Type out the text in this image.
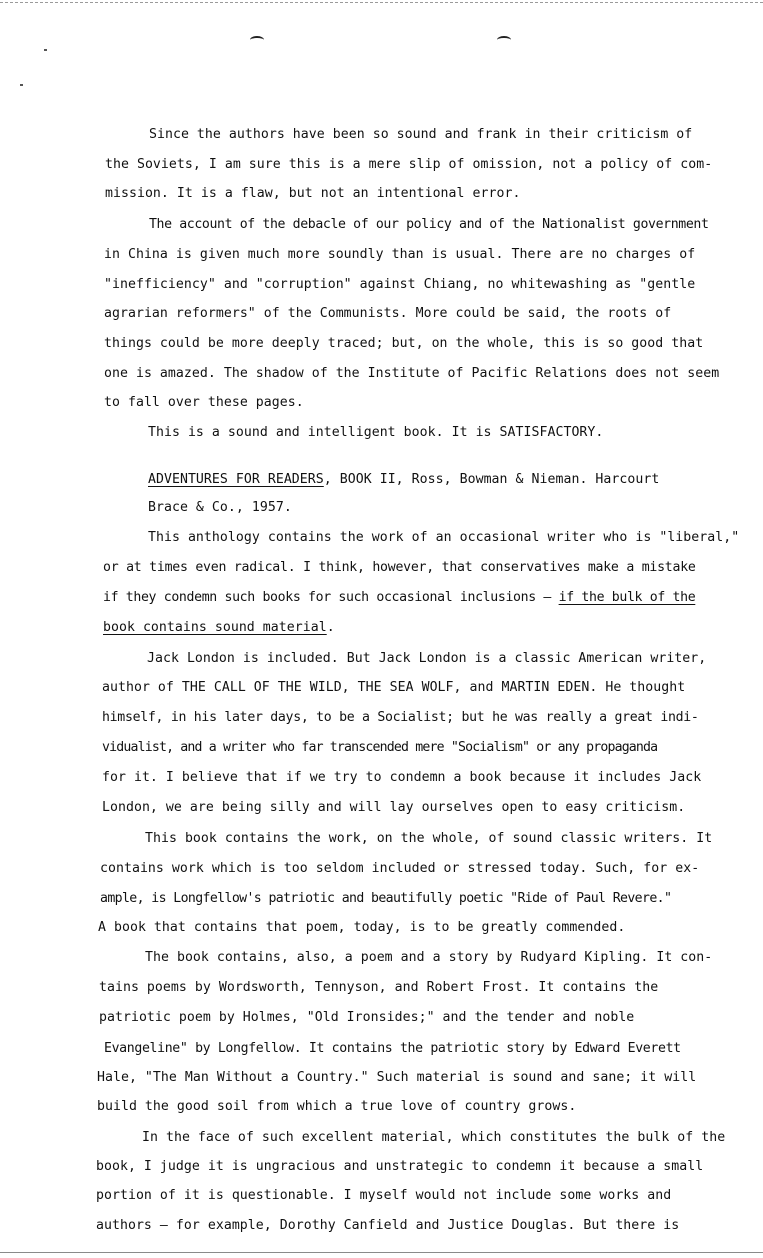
Since the authors have been so sound and frank in their criticism of
the Soviets, I am sure this is a mere slip of omission, not a policy of com-
mission. It is a flaw, but not an intentional error.
The account of the debacle of our policy and of the Nationalist government
in China is given much more soundly than is usual. There are no charges of
"inefficiency" and "corruption" against Chiang, no whitewashing as "gentle
agrarian reformers" of the Communists. More could be said, the roots of
things could be more deeply traced; but, on the whole, this is so good that
one is amazed. The shadow of the Institute of Pacific Relations does not seem
to fall over these pages.
This is a sound and intelligent book. It is SATISFACTORY.
ADVENTURES FOR READERS, BOOK II, Ross, Bowman & Nieman. Harcourt
Brace & Co., 1957.
This anthology contains the work of an occasional writer who is "liberal,"
or at times even radical. I think, however, that conservatives make a mistake
if they condemn such books for such occasional inclusions — if the bulk of the
book contains sound material.
Jack London is included. But Jack London is a classic American writer,
author of THE CALL OF THE WILD, THE SEA WOLF, and MARTIN EDEN. He thought
himself, in his later days, to be a Socialist; but he was really a great indi-
vidualist, and a writer who far transcended mere "Socialism" or any propaganda
for it. I believe that if we try to condemn a book because it includes Jack
London, we are being silly and will lay ourselves open to easy criticism.
This book contains the work, on the whole, of sound classic writers. It
contains work which is too seldom included or stressed today. Such, for ex-
ample, is Longfellow's patriotic and beautifully poetic "Ride of Paul Revere."
A book that contains that poem, today, is to be greatly commended.
The book contains, also, a poem and a story by Rudyard Kipling. It con-
tains poems by Wordsworth, Tennyson, and Robert Frost. It contains the
patriotic poem by Holmes, "Old Ironsides;" and the tender and noble
Evangeline" by Longfellow. It contains the patriotic story by Edward Everett
Hale, "The Man Without a Country." Such material is sound and sane; it will
build the good soil from which a true love of country grows.
In the face of such excellent material, which constitutes the bulk of the
book, I judge it is ungracious and unstrategic to condemn it because a small
portion of it is questionable. I myself would not include some works and
authors — for example, Dorothy Canfield and Justice Douglas. But there is
